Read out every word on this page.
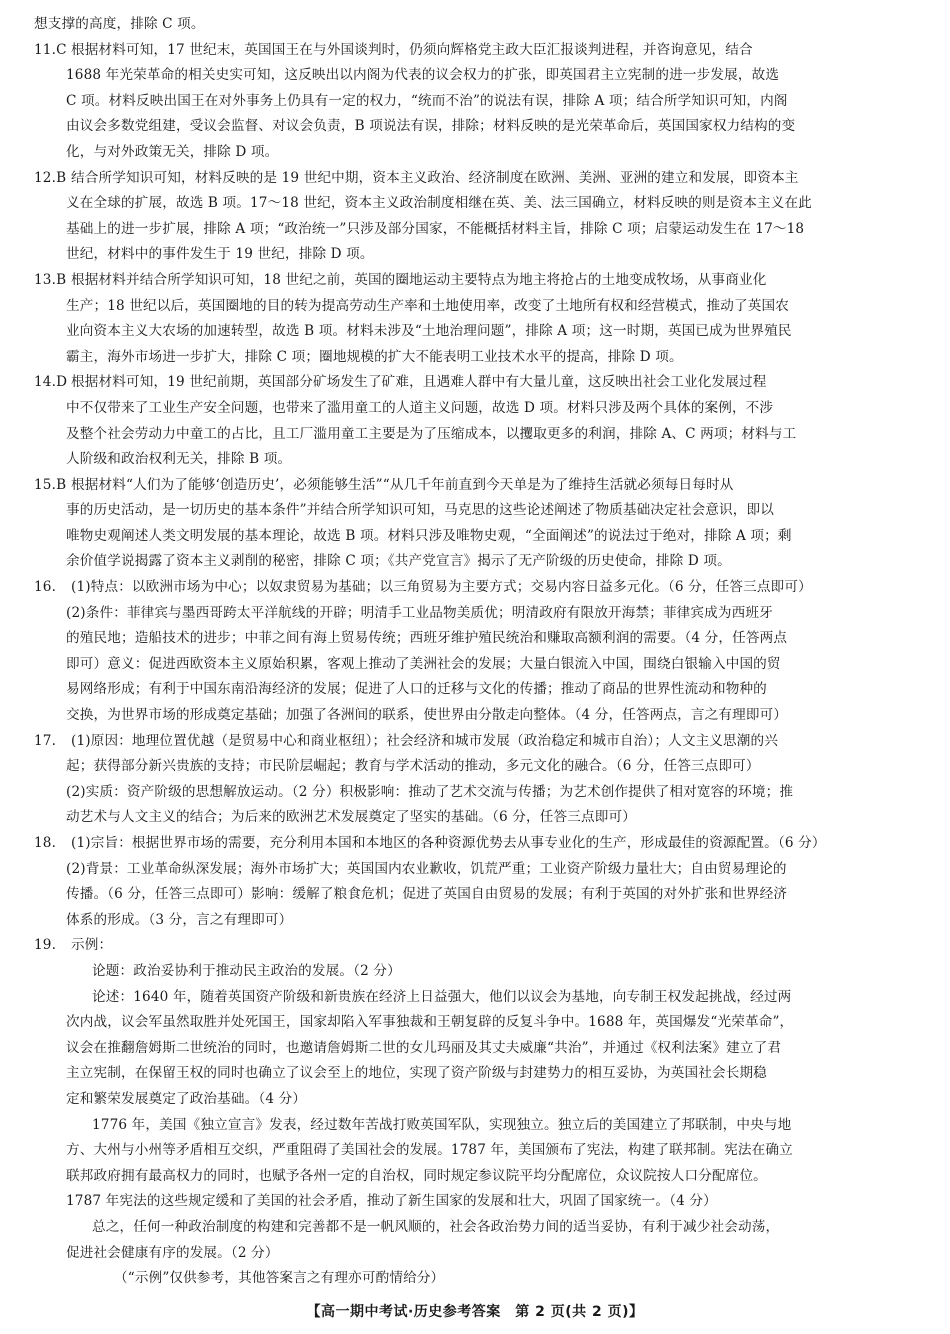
想支撑的高度，排除 C 项。
11.C 根据材料可知，17 世纪末，英国国王在与外国谈判时，仍须向辉格党主政大臣汇报谈判进程，并咨询意见，结合
1688 年光荣革命的相关史实可知，这反映出以内阁为代表的议会权力的扩张，即英国君主立宪制的进一步发展，故选
C 项。材料反映出国王在对外事务上仍具有一定的权力，“统而不治”的说法有误，排除 A 项；结合所学知识可知，内阁
由议会多数党组建，受议会监督、对议会负责，B 项说法有误，排除；材料反映的是光荣革命后，英国国家权力结构的变
化，与对外政策无关，排除 D 项。
12.B 结合所学知识可知，材料反映的是 19 世纪中期，资本主义政治、经济制度在欧洲、美洲、亚洲的建立和发展，即资本主
义在全球的扩展，故选 B 项。17～18 世纪，资本主义政治制度相继在英、美、法三国确立，材料反映的则是资本主义在此
基础上的进一步扩展，排除 A 项；“政治统一”只涉及部分国家，不能概括材料主旨，排除 C 项；启蒙运动发生在 17～18
世纪，材料中的事件发生于 19 世纪，排除 D 项。
13.B 根据材料并结合所学知识可知，18 世纪之前，英国的圈地运动主要特点为地主将抢占的土地变成牧场，从事商业化
生产；18 世纪以后，英国圈地的目的转为提高劳动生产率和土地使用率，改变了土地所有权和经营模式，推动了英国农
业向资本主义大农场的加速转型，故选 B 项。材料未涉及“土地治理问题”，排除 A 项；这一时期，英国已成为世界殖民
霸主，海外市场进一步扩大，排除 C 项；圈地规模的扩大不能表明工业技术水平的提高，排除 D 项。
14.D 根据材料可知，19 世纪前期，英国部分矿场发生了矿难，且遇难人群中有大量儿童，这反映出社会工业化发展过程
中不仅带来了工业生产安全问题，也带来了滥用童工的人道主义问题，故选 D 项。材料只涉及两个具体的案例，不涉
及整个社会劳动力中童工的占比，且工厂滥用童工主要是为了压缩成本，以攫取更多的利润，排除 A、C 两项；材料与工
人阶级和政治权利无关，排除 B 项。
15.B 根据材料“人们为了能够‘创造历史’，必须能够生活”“从几千年前直到今天单是为了维持生活就必须每日每时从
事的历史活动，是一切历史的基本条件”并结合所学知识可知，马克思的这些论述阐述了物质基础决定社会意识，即以
唯物史观阐述人类文明发展的基本理论，故选 B 项。材料只涉及唯物史观，“全面阐述”的说法过于绝对，排除 A 项；剩
余价值学说揭露了资本主义剥削的秘密，排除 C 项；《共产党宣言》揭示了无产阶级的历史使命，排除 D 项。
16. (1)特点：以欧洲市场为中心；以奴隶贸易为基础；以三角贸易为主要方式；交易内容日益多元化。（6 分，任答三点即可）
(2)条件：菲律宾与墨西哥跨太平洋航线的开辟；明清手工业品物美质优；明清政府有限放开海禁；菲律宾成为西班牙
的殖民地；造船技术的进步；中菲之间有海上贸易传统；西班牙维护殖民统治和赚取高额利润的需要。（4 分，任答两点
即可）意义：促进西欧资本主义原始积累，客观上推动了美洲社会的发展；大量白银流入中国，围绕白银输入中国的贸
易网络形成；有利于中国东南沿海经济的发展；促进了人口的迁移与文化的传播；推动了商品的世界性流动和物种的
交换，为世界市场的形成奠定基础；加强了各洲间的联系，使世界由分散走向整体。（4 分，任答两点，言之有理即可）
17. (1)原因：地理位置优越（是贸易中心和商业枢纽）；社会经济和城市发展（政治稳定和城市自治）；人文主义思潮的兴
起；获得部分新兴贵族的支持；市民阶层崛起；教育与学术活动的推动，多元文化的融合。（6 分，任答三点即可）
(2)实质：资产阶级的思想解放运动。（2 分）积极影响：推动了艺术交流与传播；为艺术创作提供了相对宽容的环境；推
动艺术与人文主义的结合；为后来的欧洲艺术发展奠定了坚实的基础。（6 分，任答三点即可）
18. (1)宗旨：根据世界市场的需要，充分利用本国和本地区的各种资源优势去从事专业化的生产，形成最佳的资源配置。（6 分）
(2)背景：工业革命纵深发展；海外市场扩大；英国国内农业歉收，饥荒严重；工业资产阶级力量壮大；自由贸易理论的
传播。（6 分，任答三点即可）影响：缓解了粮食危机；促进了英国自由贸易的发展；有利于英国的对外扩张和世界经济
体系的形成。（3 分，言之有理即可）
19. 示例：
论题：政治妥协利于推动民主政治的发展。（2 分）
论述：1640 年，随着英国资产阶级和新贵族在经济上日益强大，他们以议会为基地，向专制王权发起挑战，经过两
次内战，议会军虽然取胜并处死国王，国家却陷入军事独裁和王朝复辟的反复斗争中。1688 年，英国爆发“光荣革命”，
议会在推翻詹姆斯二世统治的同时，也邀请詹姆斯二世的女儿玛丽及其丈夫威廉“共治”，并通过《权利法案》建立了君
主立宪制，在保留王权的同时也确立了议会至上的地位，实现了资产阶级与封建势力的相互妥协，为英国社会长期稳
定和繁荣发展奠定了政治基础。（4 分）
1776 年，美国《独立宣言》发表，经过数年苦战打败英国军队，实现独立。独立后的美国建立了邦联制，中央与地
方、大州与小州等矛盾相互交织，严重阻碍了美国社会的发展。1787 年，美国颁布了宪法，构建了联邦制。宪法在确立
联邦政府拥有最高权力的同时，也赋予各州一定的自治权，同时规定参议院平均分配席位，众议院按人口分配席位。
1787 年宪法的这些规定缓和了美国的社会矛盾，推动了新生国家的发展和壮大，巩固了国家统一。（4 分）
总之，任何一种政治制度的构建和完善都不是一帆风顺的，社会各政治势力间的适当妥协，有利于减少社会动荡，
促进社会健康有序的发展。（2 分）
（“示例”仅供参考，其他答案言之有理亦可酌情给分）
【高一期中考试·历史参考答案　第 2 页(共 2 页)】
